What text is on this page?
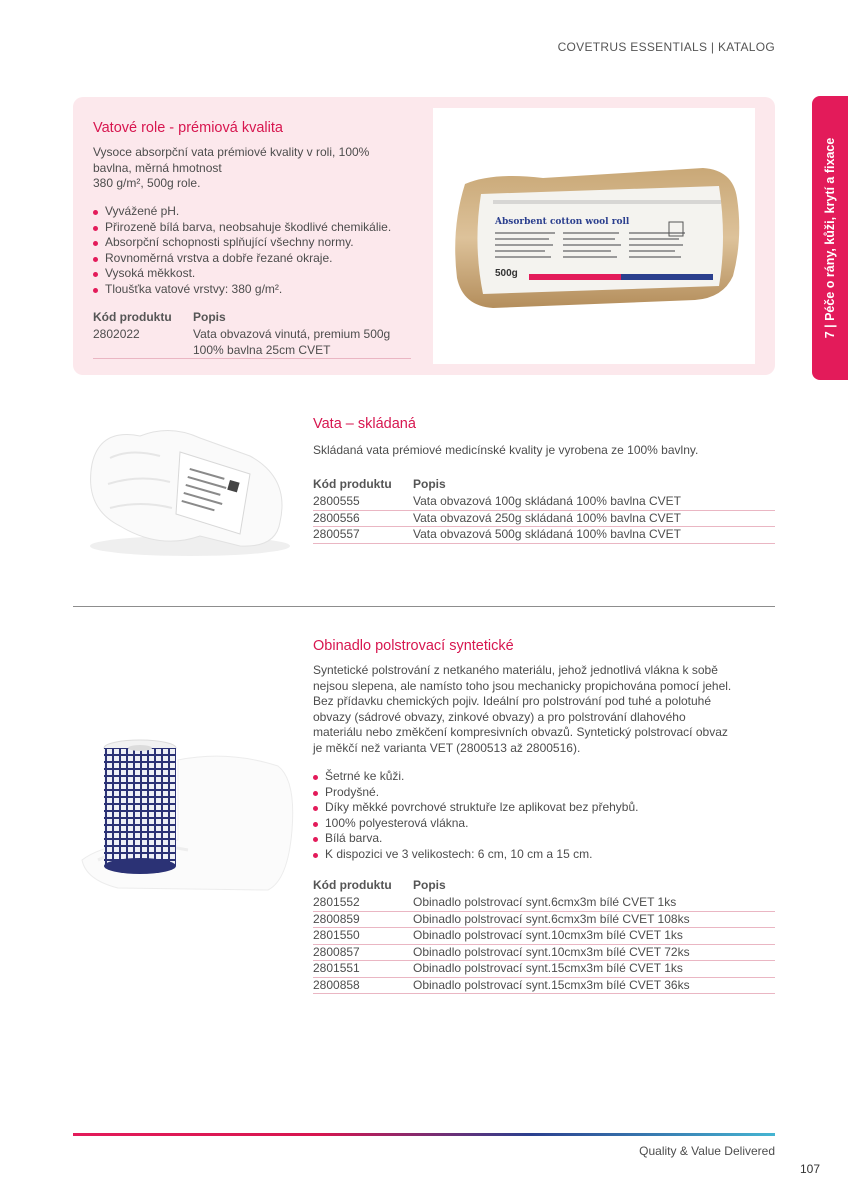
COVETRUS ESSENTIALS | KATALOG
7 | Péče o rány, kůži, krytí a fixace
Vatové role - prémiová kvalita
Vysoce absorpční vata prémiové kvality v roli, 100%
bavlna, měrná hmotnost
380 g/m², 500g role.
Vyvážené pH.
Přirozeně bílá barva, neobsahuje škodlivé chemikálie.
Absorpční schopnosti splňující všechny normy.
Rovnoměrná vrstva a dobře řezané okraje.
Vysoká měkkost.
Tloušťka vatové vrstvy: 380 g/m².
Kód produktu	Popis
2802022	Vata obvazová vinutá, premium 500g 100% bavlna 25cm CVET
Absorbent cotton wool roll
500g
Vata – skládaná
Skládaná vata prémiové medicínské kvality je vyrobena ze 100% bavlny.
Kód produktu	Popis
2800555	Vata obvazová 100g skládaná 100% bavlna CVET
2800556	Vata obvazová 250g skládaná 100% bavlna CVET
2800557	Vata obvazová 500g skládaná 100% bavlna CVET
Obinadlo polstrovací syntetické
Syntetické polstrování z netkaného materiálu, jehož jednotlivá vlákna k sobě
nejsou slepena, ale namísto toho jsou mechanicky propichována pomocí jehel.
Bez přídavku chemických pojiv. Ideální pro polstrování pod tuhé a polotuhé
obvazy (sádrové obvazy, zinkové obvazy) a pro polstrování dlahového
materiálu nebo změkčení kompresivních obvazů. Syntetický polstrovací obvaz
je měkčí než varianta VET (2800513 až 2800516).
Šetrné ke kůži.
Prodyšné.
Díky měkké povrchové struktuře lze aplikovat bez přehybů.
100% polyesterová vlákna.
Bílá barva.
K dispozici ve 3 velikostech: 6 cm, 10 cm a 15 cm.
Kód produktu	Popis
2801552	Obinadlo polstrovací synt.6cmx3m bílé CVET 1ks
2800859	Obinadlo polstrovací synt.6cmx3m bílé CVET 108ks
2801550	Obinadlo polstrovací synt.10cmx3m bílé CVET 1ks
2800857	Obinadlo polstrovací synt.10cmx3m bílé CVET 72ks
2801551	Obinadlo polstrovací synt.15cmx3m bílé CVET 1ks
2800858	Obinadlo polstrovací synt.15cmx3m bílé CVET 36ks
Quality & Value Delivered
107
